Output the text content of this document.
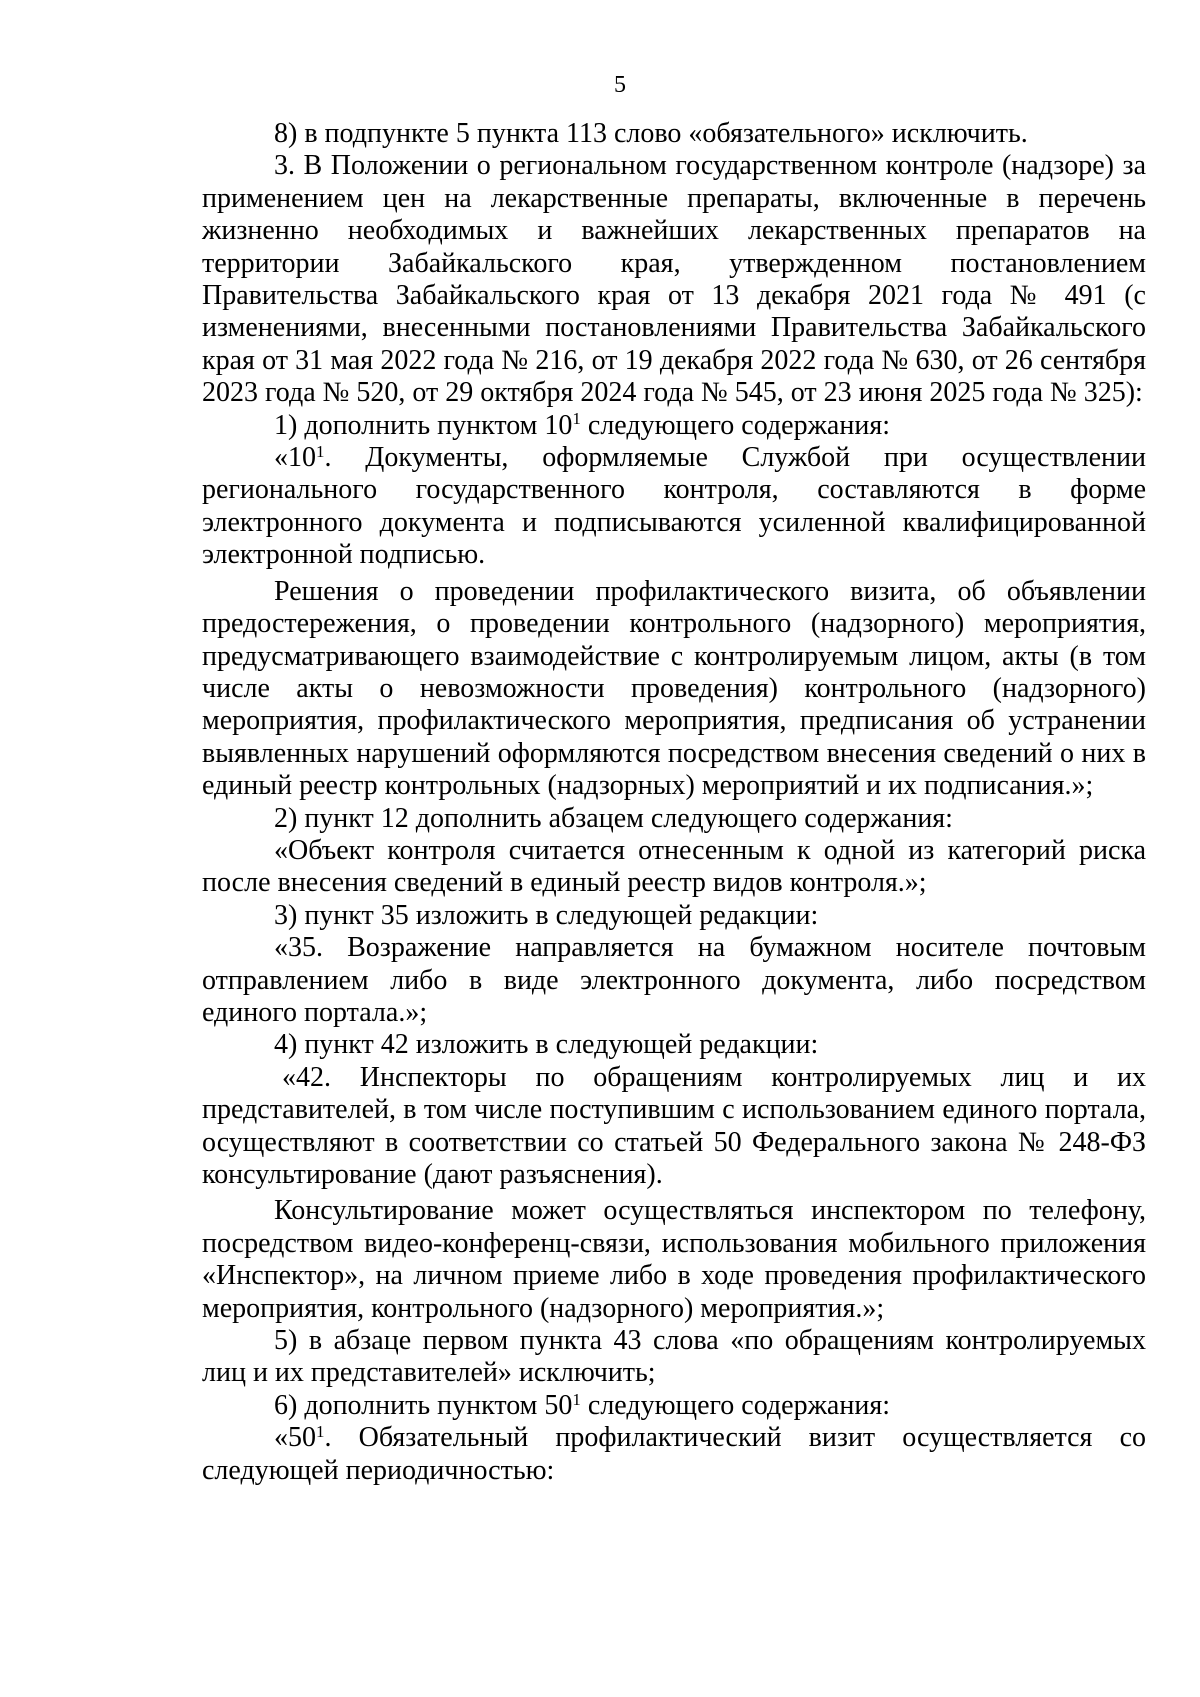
5

8) в подпункте 5 пункта 113 слово «обязательного» исключить.

3. В Положении о региональном государственном контроле (надзоре) за применением цен на лекарственные препараты, включенные в перечень жизненно необходимых и важнейших лекарственных препаратов на территории Забайкальского края, утвержденном постановлением Правительства Забайкальского края от 13 декабря 2021 года № 491 (с изменениями, внесенными постановлениями Правительства Забайкальского края от 31 мая 2022 года № 216, от 19 декабря 2022 года № 630, от 26 сентября 2023 года № 520, от 29 октября 2024 года № 545, от 23 июня 2025 года № 325):

1) дополнить пунктом $10^1$ следующего содержания:

«$10^1$. Документы, оформляемые Службой при осуществлении регионального государственного контроля, составляются в форме электронного документа и подписываются усиленной квалифицированной электронной подписью.

Решения о проведении профилактического визита, об объявлении предостережения, о проведении контрольного (надзорного) мероприятия, предусматривающего взаимодействие с контролируемым лицом, акты (в том числе акты о невозможности проведения) контрольного (надзорного) мероприятия, профилактического мероприятия, предписания об устранении выявленных нарушений оформляются посредством внесения сведений о них в единый реестр контрольных (надзорных) мероприятий и их подписания.»;

2) пункт 12 дополнить абзацем следующего содержания:

«Объект контроля считается отнесенным к одной из категорий риска после внесения сведений в единый реестр видов контроля.»;

3) пункт 35 изложить в следующей редакции:

«35. Возражение направляется на бумажном носителе почтовым отправлением либо в виде электронного документа, либо посредством единого портала.»;

4) пункт 42 изложить в следующей редакции:

«42. Инспекторы по обращениям контролируемых лиц и их представителей, в том числе поступившим с использованием единого портала, осуществляют в соответствии со статьей 50 Федерального закона № 248-ФЗ консультирование (дают разъяснения).

Консультирование может осуществляться инспектором по телефону, посредством видео-конференц-связи, использования мобильного приложения «Инспектор», на личном приеме либо в ходе проведения профилактического мероприятия, контрольного (надзорного) мероприятия.»;

5) в абзаце первом пункта 43 слова «по обращениям контролируемых лиц и их представителей» исключить;

6) дополнить пунктом $50^1$ следующего содержания:

«$50^1$. Обязательный профилактический визит осуществляется со следующей периодичностью:
